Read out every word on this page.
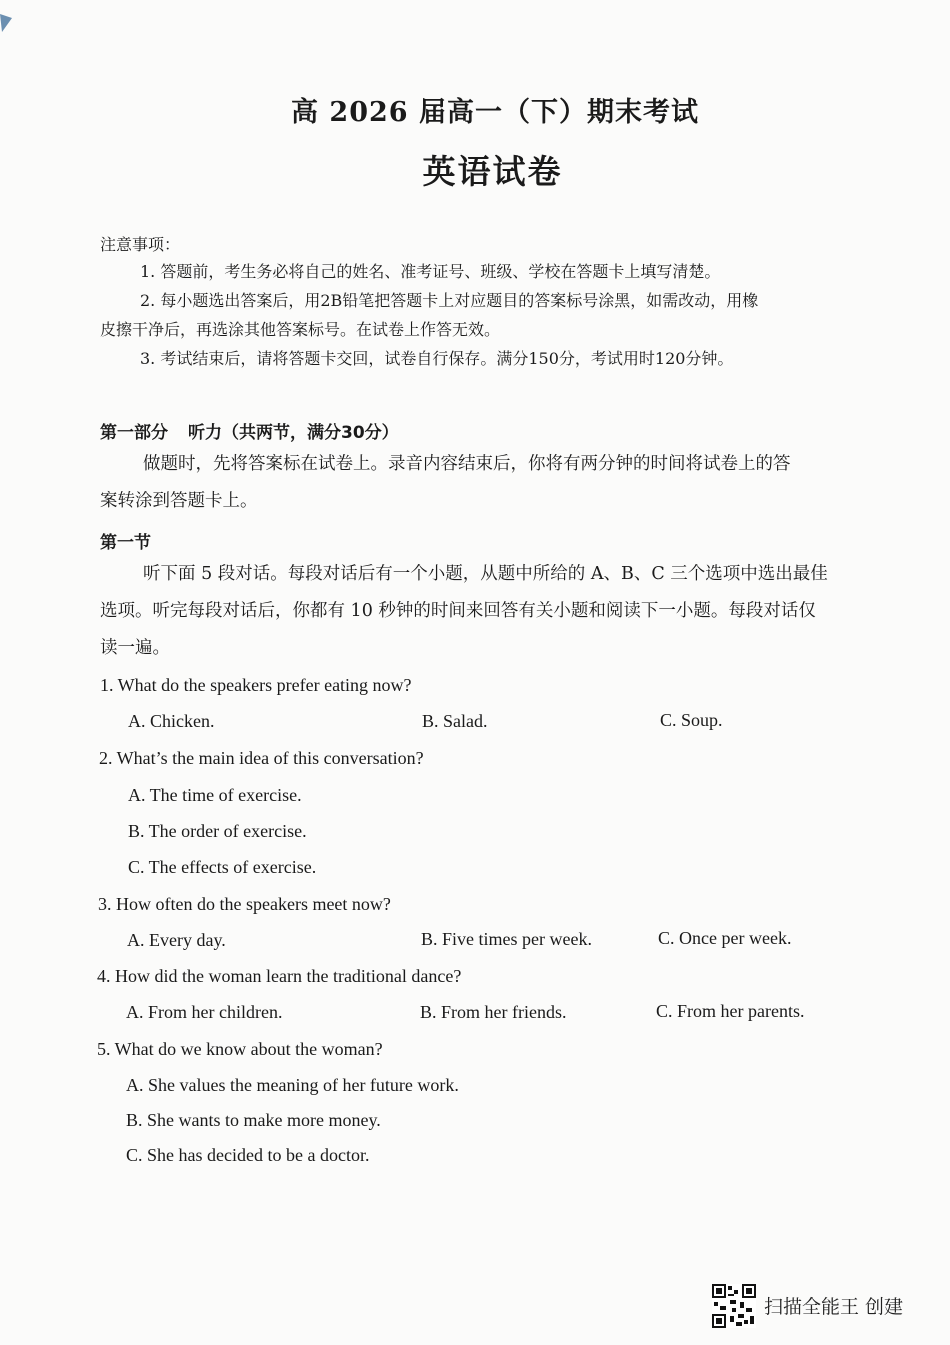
高 2026 届高一（下）期末考试
英语试卷
注意事项：
1. 答题前，考生务必将自己的姓名、准考证号、班级、学校在答题卡上填写清楚。
2. 每小题选出答案后，用2B铅笔把答题卡上对应题目的答案标号涂黑，如需改动，用橡
皮擦干净后，再选涂其他答案标号。在试卷上作答无效。
3. 考试结束后，请将答题卡交回，试卷自行保存。满分150分，考试用时120分钟。
第一部分 听力（共两节，满分30分）
做题时，先将答案标在试卷上。录音内容结束后，你将有两分钟的时间将试卷上的答
案转涂到答题卡上。
第一节
听下面 5 段对话。每段对话后有一个小题，从题中所给的 A、B、C 三个选项中选出最佳
选项。听完每段对话后，你都有 10 秒钟的时间来回答有关小题和阅读下一小题。每段对话仅
读一遍。
1. What do the speakers prefer eating now?
A. Chicken.	B. Salad.	C. Soup.
2. What’s the main idea of this conversation?
A. The time of exercise.
B. The order of exercise.
C. The effects of exercise.
3. How often do the speakers meet now?
A. Every day.	B. Five times per week.	C. Once per week.
4. How did the woman learn the traditional dance?
A. From her children.	B. From her friends.	C. From her parents.
5. What do we know about the woman?
A. She values the meaning of her future work.
B. She wants to make more money.
C. She has decided to be a doctor.
扫描全能王 创建
